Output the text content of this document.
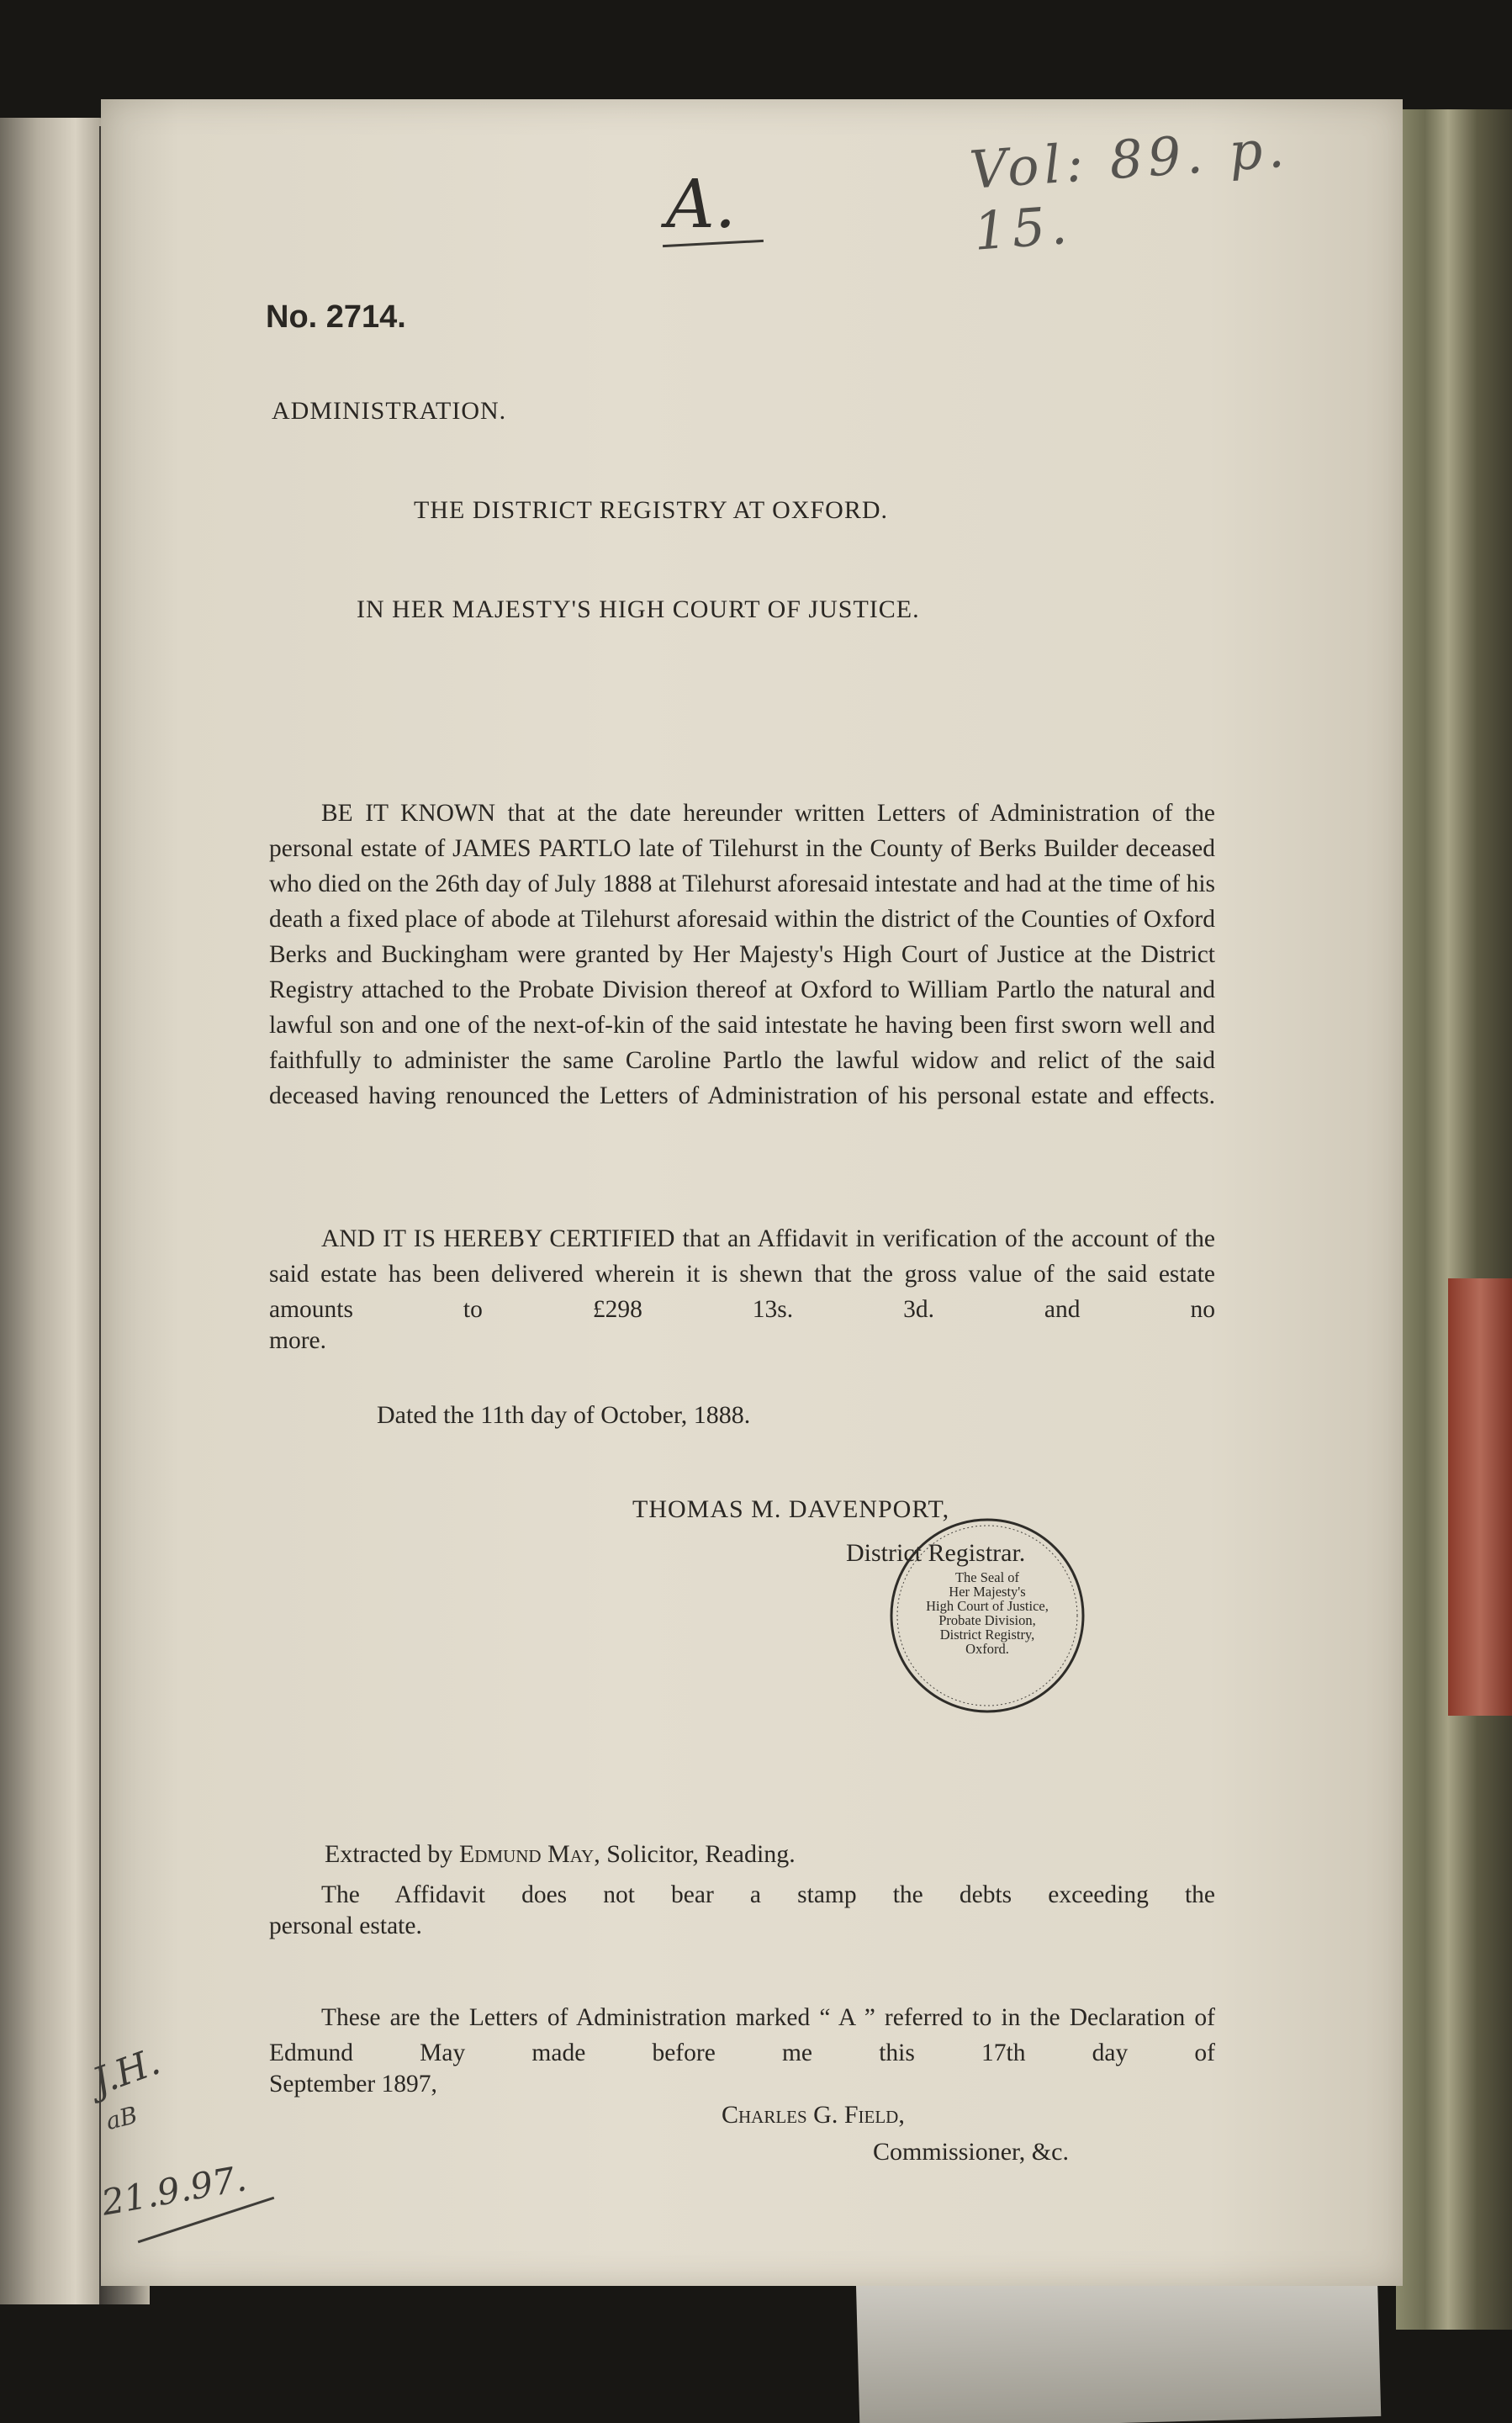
Vol: 89. p. 15.
A.
No. 2714.
ADMINISTRATION.
THE DISTRICT REGISTRY AT OXFORD.
IN HER MAJESTY'S HIGH COURT OF JUSTICE.
BE IT KNOWN that at the date hereunder written Letters of Administration of the personal estate of JAMES PARTLO late of Tilehurst in the County of Berks Builder deceased who died on the 26th day of July 1888 at Tilehurst aforesaid intestate and had at the time of his death a fixed place of abode at Tilehurst aforesaid within the district of the Counties of Oxford Berks and Buckingham were granted by Her Majesty's High Court of Justice at the District Registry attached to the Probate Division thereof at Oxford to William Partlo the natural and lawful son and one of the next-of-kin of the said intestate he having been first sworn well and faithfully to administer the same Caroline Partlo the lawful widow and relict of the said deceased having renounced the Letters of Administration of his personal estate and effects.
AND IT IS HEREBY CERTIFIED that an Affidavit in verification of the account of the said estate has been delivered wherein it is shewn that the gross value of the said estate amounts to £298 13s. 3d. and no
more.
Dated the 11th day of October, 1888.
THOMAS M. DAVENPORT,
District Registrar.
The Seal of
Her Majesty's
High Court of Justice,
Probate Division,
District Registry,
Oxford.
Extracted by Edmund May, Solicitor, Reading.
The Affidavit does not bear a stamp the debts exceeding the
personal estate.
These are the Letters of Administration marked “ A ” referred to in the Declaration of Edmund May made before me this 17th day of
September 1897,
Charles G. Field,
Commissioner, &c.
J.H.
aB
21.9.97.
